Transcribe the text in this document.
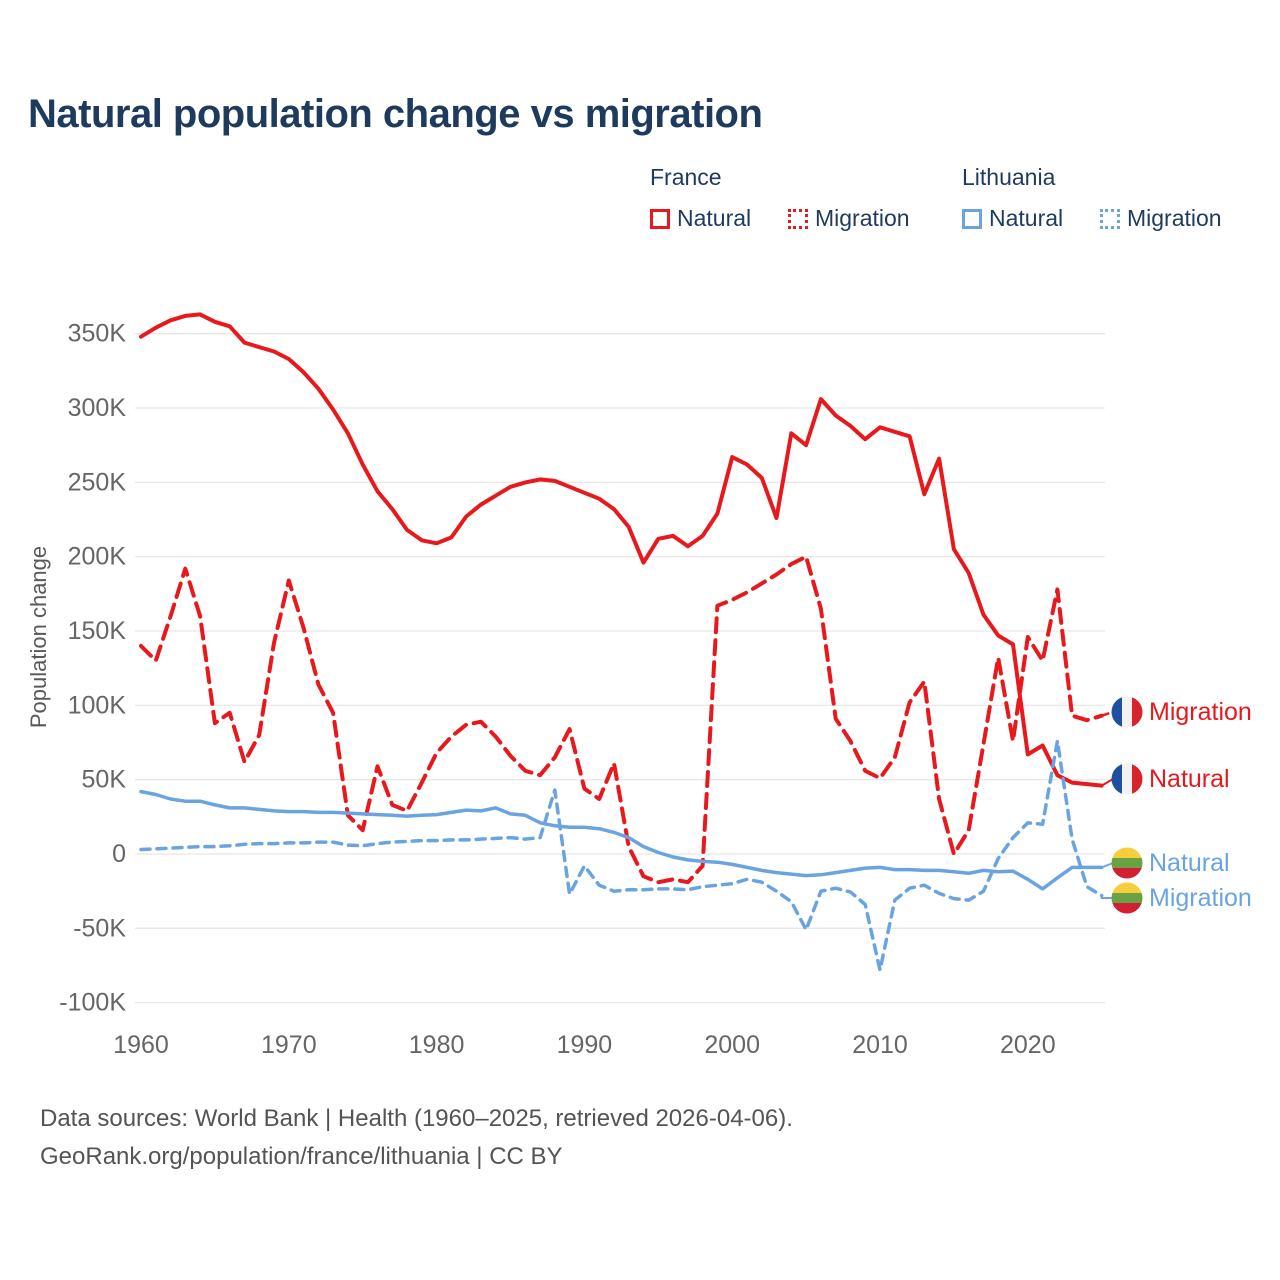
Natural population change vs migration
France	Lithuania
Natural	Migration	Natural	Migration
350K
300K
250K
200K
150K
100K
50K
0
-50K
-100K
1960	1970	1980	1990	2000	2010	2020
Population change	Migration
Natural
Natural
Migration
Data sources: World Bank | Health (1960–2025, retrieved 2026-04-06).
GeoRank.org/population/france/lithuania | CC BY
